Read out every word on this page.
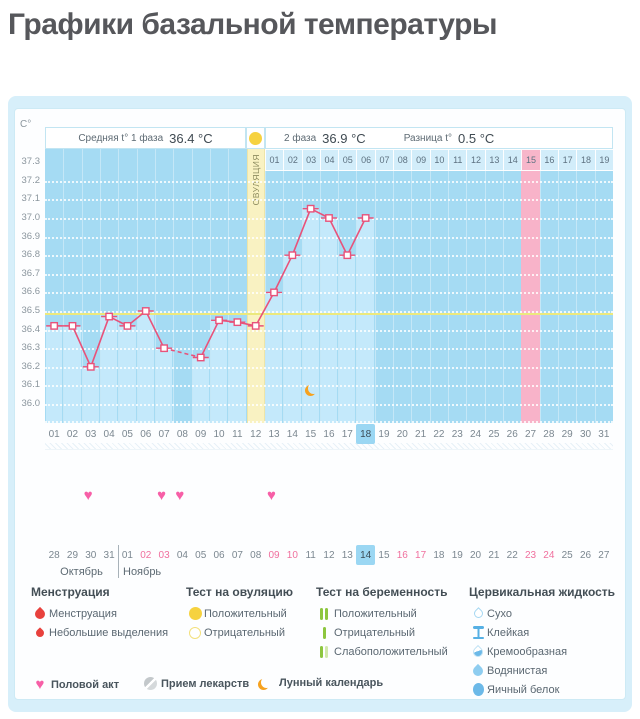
Графики базальной температуры
C°
Средняя t° 1 фаза 36.4 °C	2 фаза 36.9 °C	Разница t° 0.5 °C
37.3
37.2
37.1
37.0
36.9
36.8
36.7
36.6
36.5
36.4
36.3
36.2
36.1
36.0
ОВУЛЯЦИЯ 01 02 03 04 05 06 07 08 09 10 11 12 13 14 15 16 17 18 19
01 02 03 04 05 06 07 08 09 10 11 12 13 14 15 16 17 18 19 20 21 22 23 24 25 26 27 28 29 30 31
♥	♥ ♥	♥
28 29 30 31 01 02 03 04 05 06 07 08 09 10 11 12 13 14 15 16 17 18 19 20 21 22 23 24 25 26 27
Октябрь	Ноябрь
Менструация
Менструация
Небольшие выделения
Тест на овуляцию
Положительный
Отрицательный
Тест на беременность
Положительный
Отрицательный
Слабоположительный
Цервикальная жидкость
Сухо
Клейкая
Кремообразная
Водянистая
Яичный белок
♥ Половой акт	Прием лекарств	Лунный календарь
